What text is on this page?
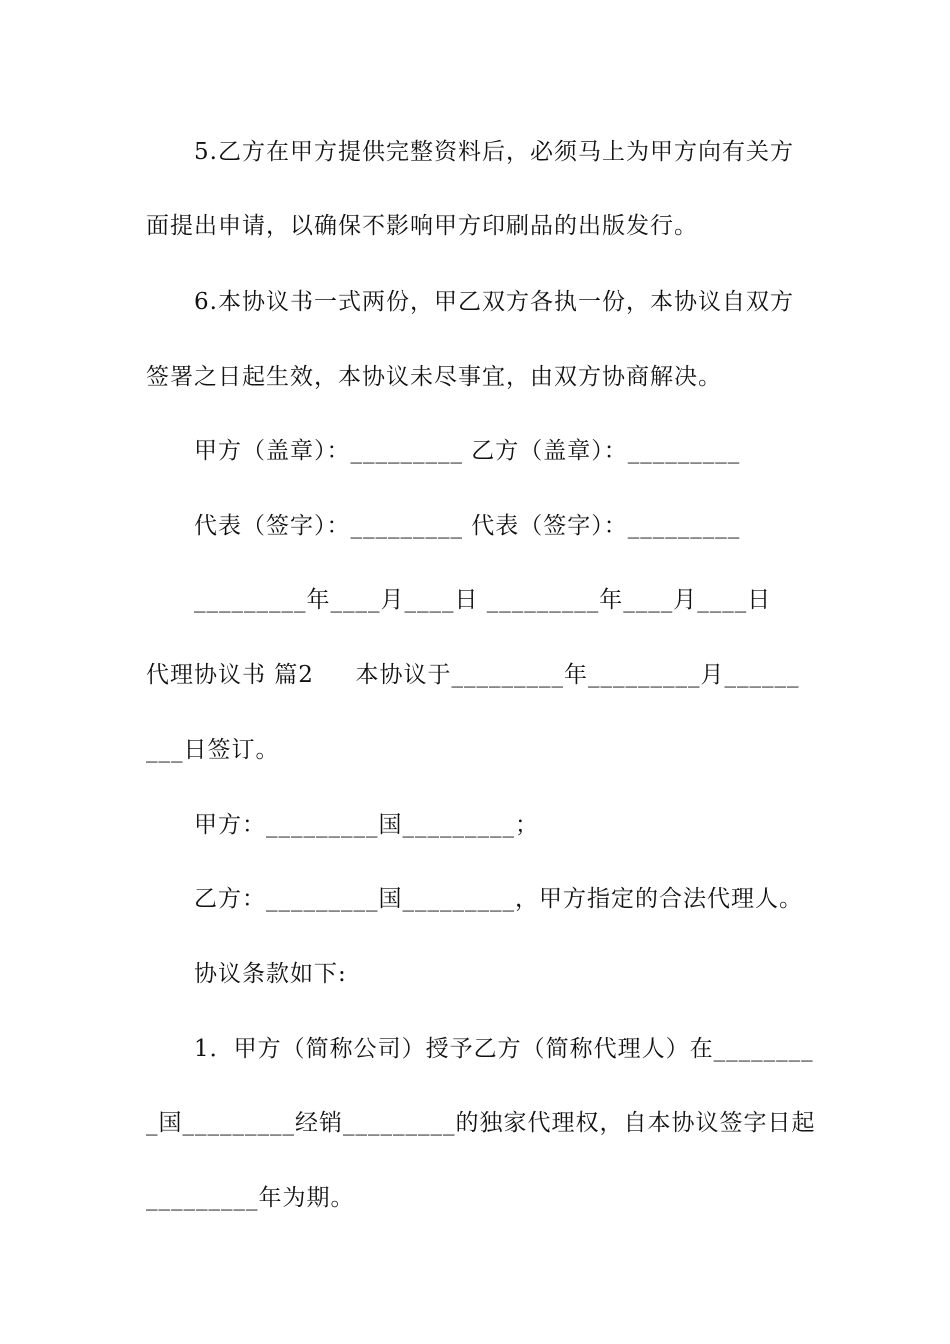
5.乙方在甲方提供完整资料后，必须马上为甲方向有关方
面提出申请，以确保不影响甲方印刷品的出版发行。
6.本协议书一式两份，甲乙双方各执一份，本协议自双方
签署之日起生效，本协议未尽事宜，由双方协商解决。
甲方（盖章）：_________ 乙方（盖章）：_________
代表（签字）：_________ 代表（签字）：_________
_________年____月____日 _________年____月____日
代理协议书 篇2     本协议于_________年_________月______
___日签订。
甲方：_________国_________；
乙方：_________国_________，甲方指定的合法代理人。
协议条款如下:
1．甲方（简称公司）授予乙方（简称代理人）在________
_国_________经销_________的独家代理权，自本协议签字日起
_________年为期。
